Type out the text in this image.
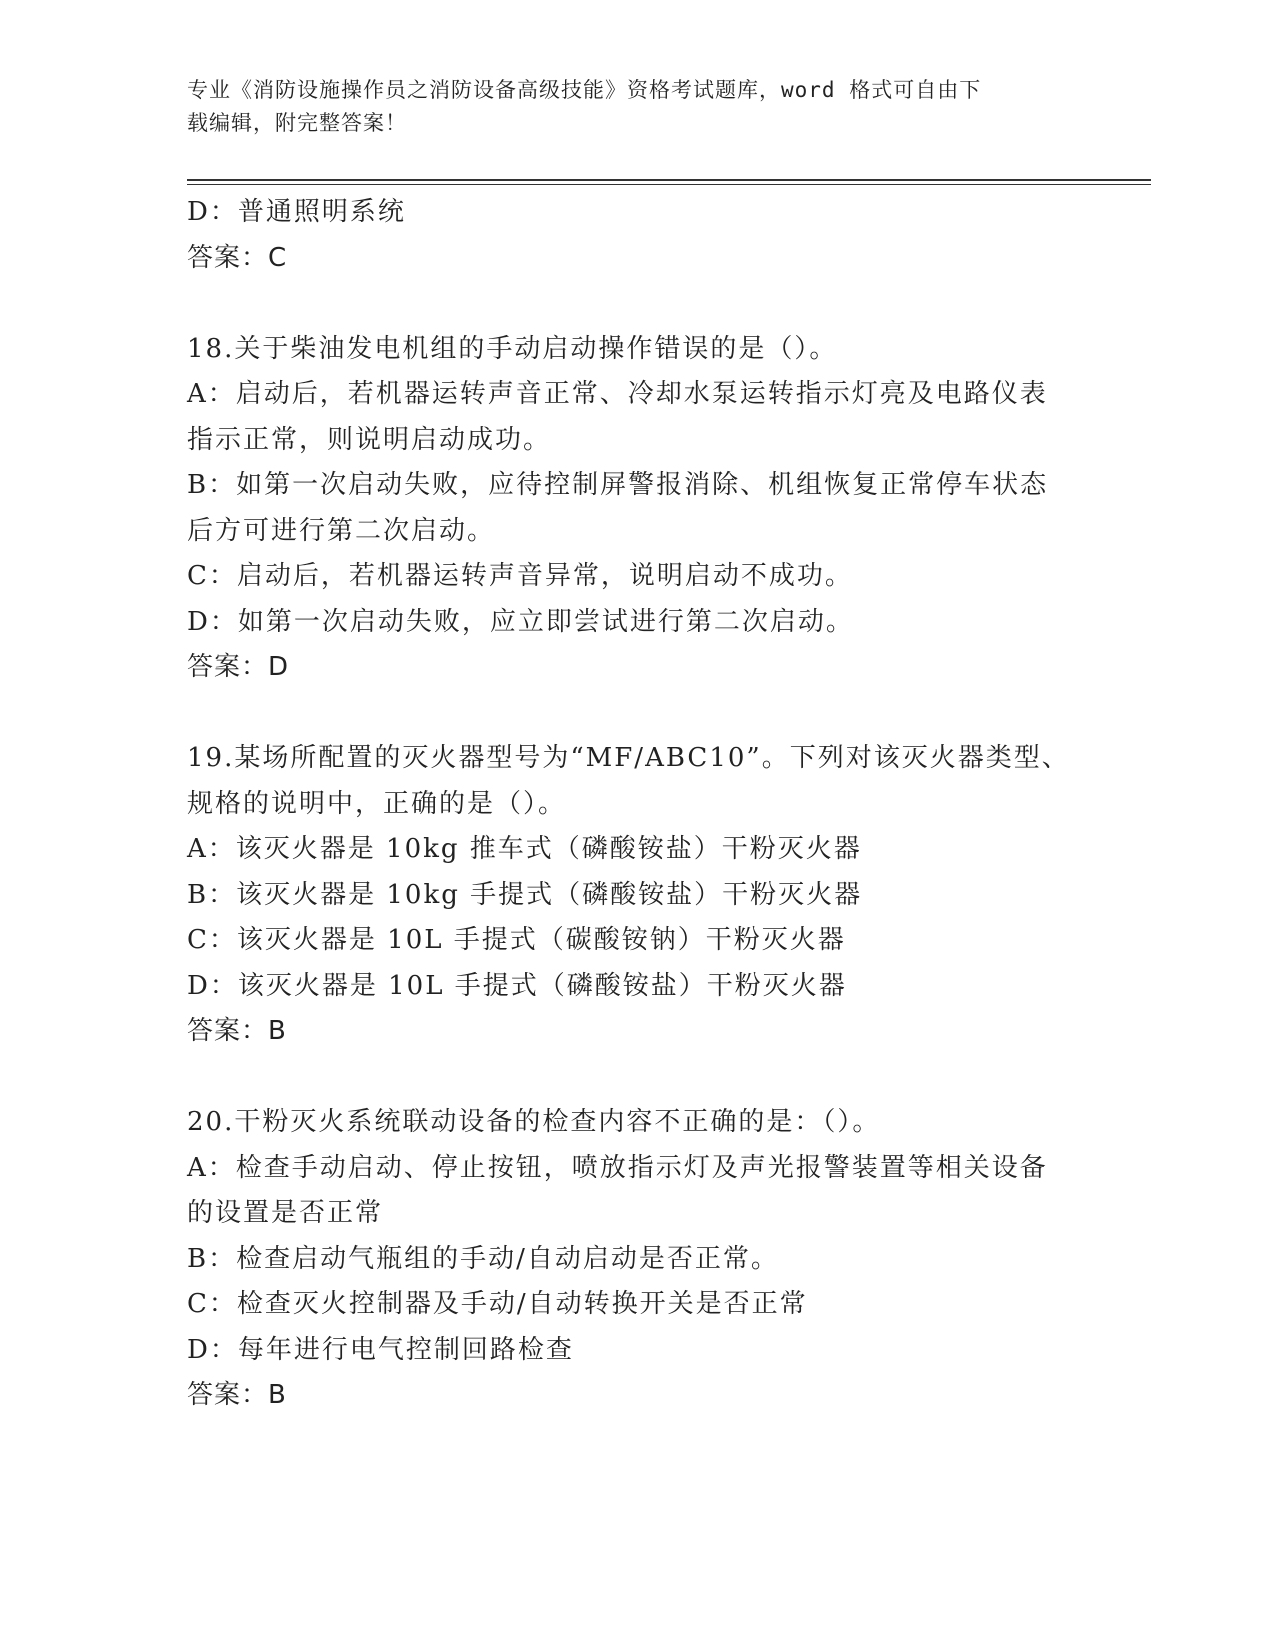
专业《消防设施操作员之消防设备高级技能》资格考试题库，word 格式可自由下
载编辑，附完整答案！
D：普通照明系统
答案：C
18.关于柴油发电机组的手动启动操作错误的是（）。
A：启动后，若机器运转声音正常、冷却水泵运转指示灯亮及电路仪表
指示正常，则说明启动成功。
B：如第一次启动失败，应待控制屏警报消除、机组恢复正常停车状态
后方可进行第二次启动。
C：启动后，若机器运转声音异常，说明启动不成功。
D：如第一次启动失败，应立即尝试进行第二次启动。
答案：D
19.某场所配置的灭火器型号为“MF/ABC10”。下列对该灭火器类型、
规格的说明中，正确的是（）。
A：该灭火器是 10kg 推车式（磷酸铵盐）干粉灭火器
B：该灭火器是 10kg 手提式（磷酸铵盐）干粉灭火器
C：该灭火器是 10L 手提式（碳酸铵钠）干粉灭火器
D：该灭火器是 10L 手提式（磷酸铵盐）干粉灭火器
答案：B
20.干粉灭火系统联动设备的检查内容不正确的是：（）。
A：检查手动启动、停止按钮，喷放指示灯及声光报警装置等相关设备
的设置是否正常
B：检查启动气瓶组的手动/自动启动是否正常。
C：检查灭火控制器及手动/自动转换开关是否正常
D：每年进行电气控制回路检查
答案：B
